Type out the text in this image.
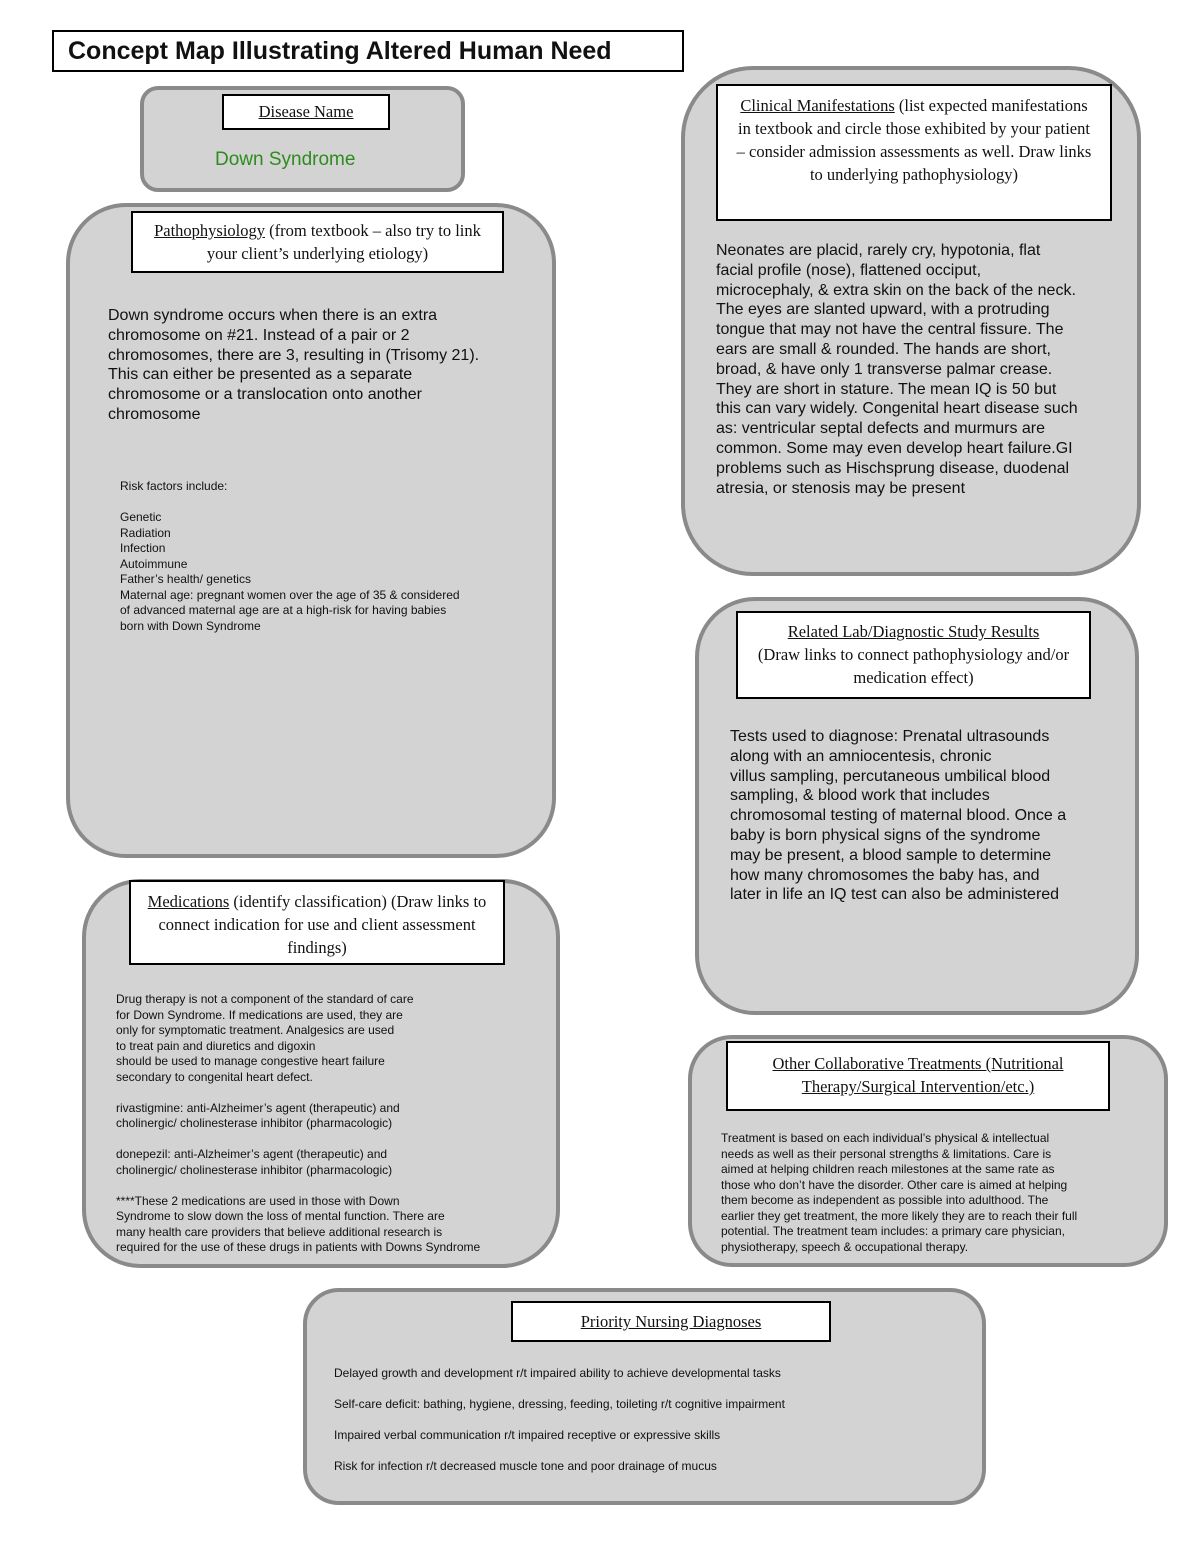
Concept Map Illustrating Altered Human Need
Disease Name
Down Syndrome
Pathophysiology (from textbook – also try to link your client’s underlying etiology)
Down syndrome occurs when there is an extra
chromosome on #21. Instead of a pair or 2
chromosomes, there are 3, resulting in (Trisomy 21).
This can either be presented as a separate
chromosome or a translocation onto another
chromosome

Risk factors include:

Genetic

Radiation

Infection

Autoimmune

Father’s health/ genetics

Maternal age: pregnant women over the age of 35 & considered
of advanced maternal age are at a high-risk for having babies
born with Down Syndrome

Clinical Manifestations (list expected manifestations in textbook and circle those exhibited by your patient – consider admission assessments as well. Draw links to underlying pathophysiology)
Neonates are placid, rarely cry, hypotonia, flat
facial profile (nose), flattened occiput,
microcephaly, & extra skin on the back of the neck.
The eyes are slanted upward, with a protruding
tongue that may not have the central fissure. The
ears are small & rounded. The hands are short,
broad, & have only 1 transverse palmar crease.
They are short in stature. The mean IQ is 50 but
this can vary widely. Congenital heart disease such
as: ventricular septal defects and murmurs are
common. Some may even develop heart failure.GI
problems such as Hischsprung disease, duodenal
atresia, or stenosis may be present
Related Lab/Diagnostic Study Results
(Draw links to connect pathophysiology and/or medication effect)
Tests used to diagnose: Prenatal ultrasounds
along with an amniocentesis, chronic
villus sampling, percutaneous umbilical blood
sampling, & blood work that includes
chromosomal testing of maternal blood. Once a
baby is born physical signs of the syndrome
may be present, a blood sample to determine
how many chromosomes the baby has, and
later in life an IQ test can also be administered
Medications (identify classification) (Draw links to connect indication for use and client assessment findings)

Drug therapy is not a component of the standard of care
for Down Syndrome. If medications are used, they are
only for symptomatic treatment. Analgesics are used
to treat pain and diuretics and digoxin
should be used to manage congestive heart failure
secondary to congenital heart defect.

rivastigmine: anti-Alzheimer’s agent (therapeutic) and
cholinergic/ cholinesterase inhibitor (pharmacologic)

donepezil: anti-Alzheimer’s agent (therapeutic) and
cholinergic/ cholinesterase inhibitor (pharmacologic)

****These 2 medications are used in those with Down
Syndrome to slow down the loss of mental function. There are
many health care providers that believe additional research is
required for the use of these drugs in patients with Downs Syndrome

Other Collaborative Treatments (Nutritional Therapy/Surgical Intervention/etc.)
Treatment is based on each individual’s physical & intellectual
needs as well as their personal strengths & limitations. Care is
aimed at helping children reach milestones at the same rate as
those who don’t have the disorder. Other care is aimed at helping
them become as independent as possible into adulthood. The
earlier they get treatment, the more likely they are to reach their full
potential. The treatment team includes: a primary care physician,
physiotherapy, speech & occupational therapy.
Priority Nursing Diagnoses
Delayed growth and development r/t impaired ability to achieve developmental tasks
Self-care deficit: bathing, hygiene, dressing, feeding, toileting r/t cognitive impairment
Impaired verbal communication r/t impaired receptive or expressive skills
Risk for infection r/t decreased muscle tone and poor drainage of mucus
